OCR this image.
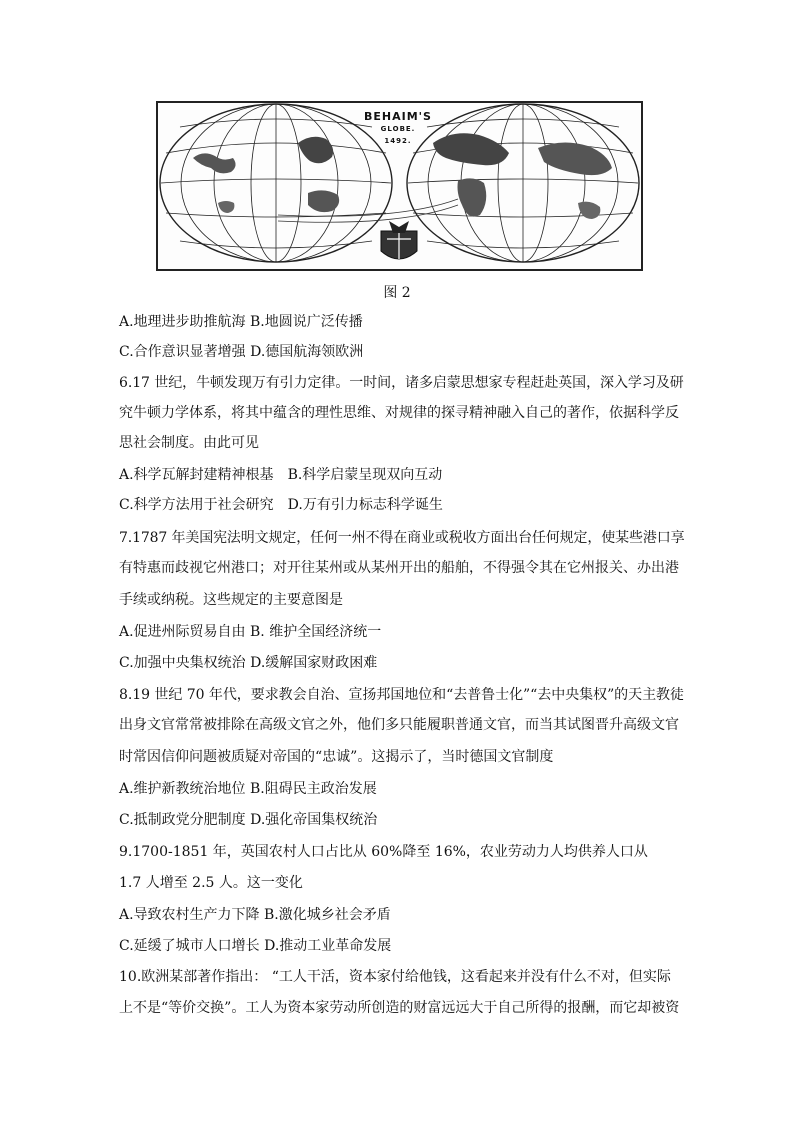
BEHAIM'S
GLOBE.
1492.
图 2
A.地理进步助推航海 B.地圆说广泛传播
C.合作意识显著增强 D.德国航海领欧洲
6.17 世纪，牛顿发现万有引力定律。一时间，诸多启蒙思想家专程赶赴英国，深入学习及研
究牛顿力学体系，将其中蕴含的理性思维、对规律的探寻精神融入自己的著作，依据科学反
思社会制度。由此可见
A.科学瓦解封建精神根基 B.科学启蒙呈现双向互动
C.科学方法用于社会研究 D.万有引力标志科学诞生
7.1787 年美国宪法明文规定，任何一州不得在商业或税收方面出台任何规定，使某些港口享
有特惠而歧视它州港口；对开往某州或从某州开出的船舶，不得强令其在它州报关、办出港
手续或纳税。这些规定的主要意图是
A.促进州际贸易自由 B. 维护全国经济统一
C.加强中央集权统治 D.缓解国家财政困难
8.19 世纪 70 年代，要求教会自治、宣扬邦国地位和“去普鲁士化”“去中央集权”的天主教徒
出身文官常常被排除在高级文官之外，他们多只能履职普通文官，而当其试图晋升高级文官
时常因信仰问题被质疑对帝国的“忠诚”。这揭示了，当时德国文官制度
A.维护新教统治地位 B.阻碍民主政治发展
C.抵制政党分肥制度 D.强化帝国集权统治
9.1700-1851 年，英国农村人口占比从 60%降至 16%，农业劳动力人均供养人口从
1.7 人增至 2.5 人。这一变化
A.导致农村生产力下降 B.激化城乡社会矛盾
C.延缓了城市人口增长 D.推动工业革命发展
10.欧洲某部著作指出： “工人干活，资本家付给他钱，这看起来并没有什么不对，但实际
上不是“等价交换”。工人为资本家劳动所创造的财富远远大于自己所得的报酬，而它却被资
